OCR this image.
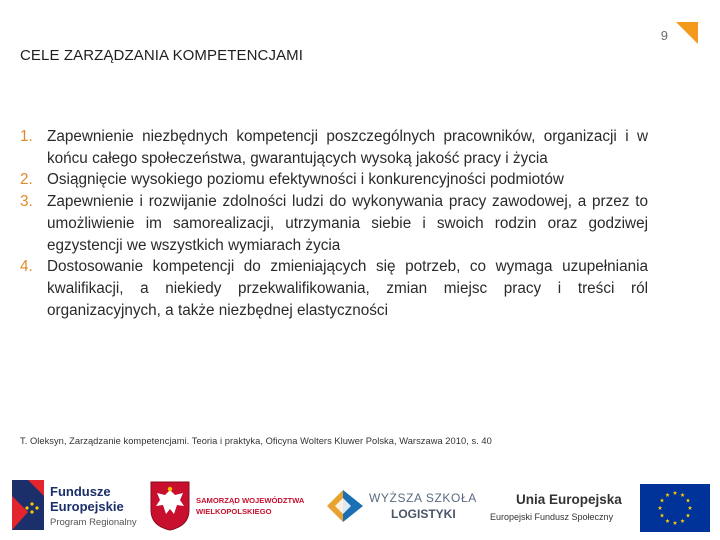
9
CELE ZARZĄDZANIA KOMPETENCJAMI
1. Zapewnienie niezbędnych kompetencji poszczególnych pracowników, organizacji i w końcu całego społeczeństwa, gwarantujących wysoką jakość pracy i życia
2. Osiągnięcie wysokiego poziomu efektywności i konkurencyjności podmiotów
3. Zapewnienie i rozwijanie zdolności ludzi do wykonywania pracy zawodowej, a przez to umożliwienie im samorealizacji, utrzymania siebie i swoich rodzin oraz godziwej egzystencji we wszystkich wymiarach życia
4. Dostosowanie kompetencji do zmieniających się potrzeb, co wymaga uzupełniania kwalifikacji, a niekiedy przekwalifikowania, zmian miejsc pracy i treści ról organizacyjnych, a także niezbędnej elastyczności
T. Oleksyn, Zarządzanie kompetencjami. Teoria i praktyka, Oficyna Wolters Kluwer Polska, Warszawa 2010, s. 40
Fundusze
Europejskie
Program Regionalny
SAMORZĄD WOJEWÓDZTWA
WIELKOPOLSKIEGO
WYŻSZA SZKOŁA
LOGISTYKI
Unia Europejska
Europejski Fundusz Społeczny
